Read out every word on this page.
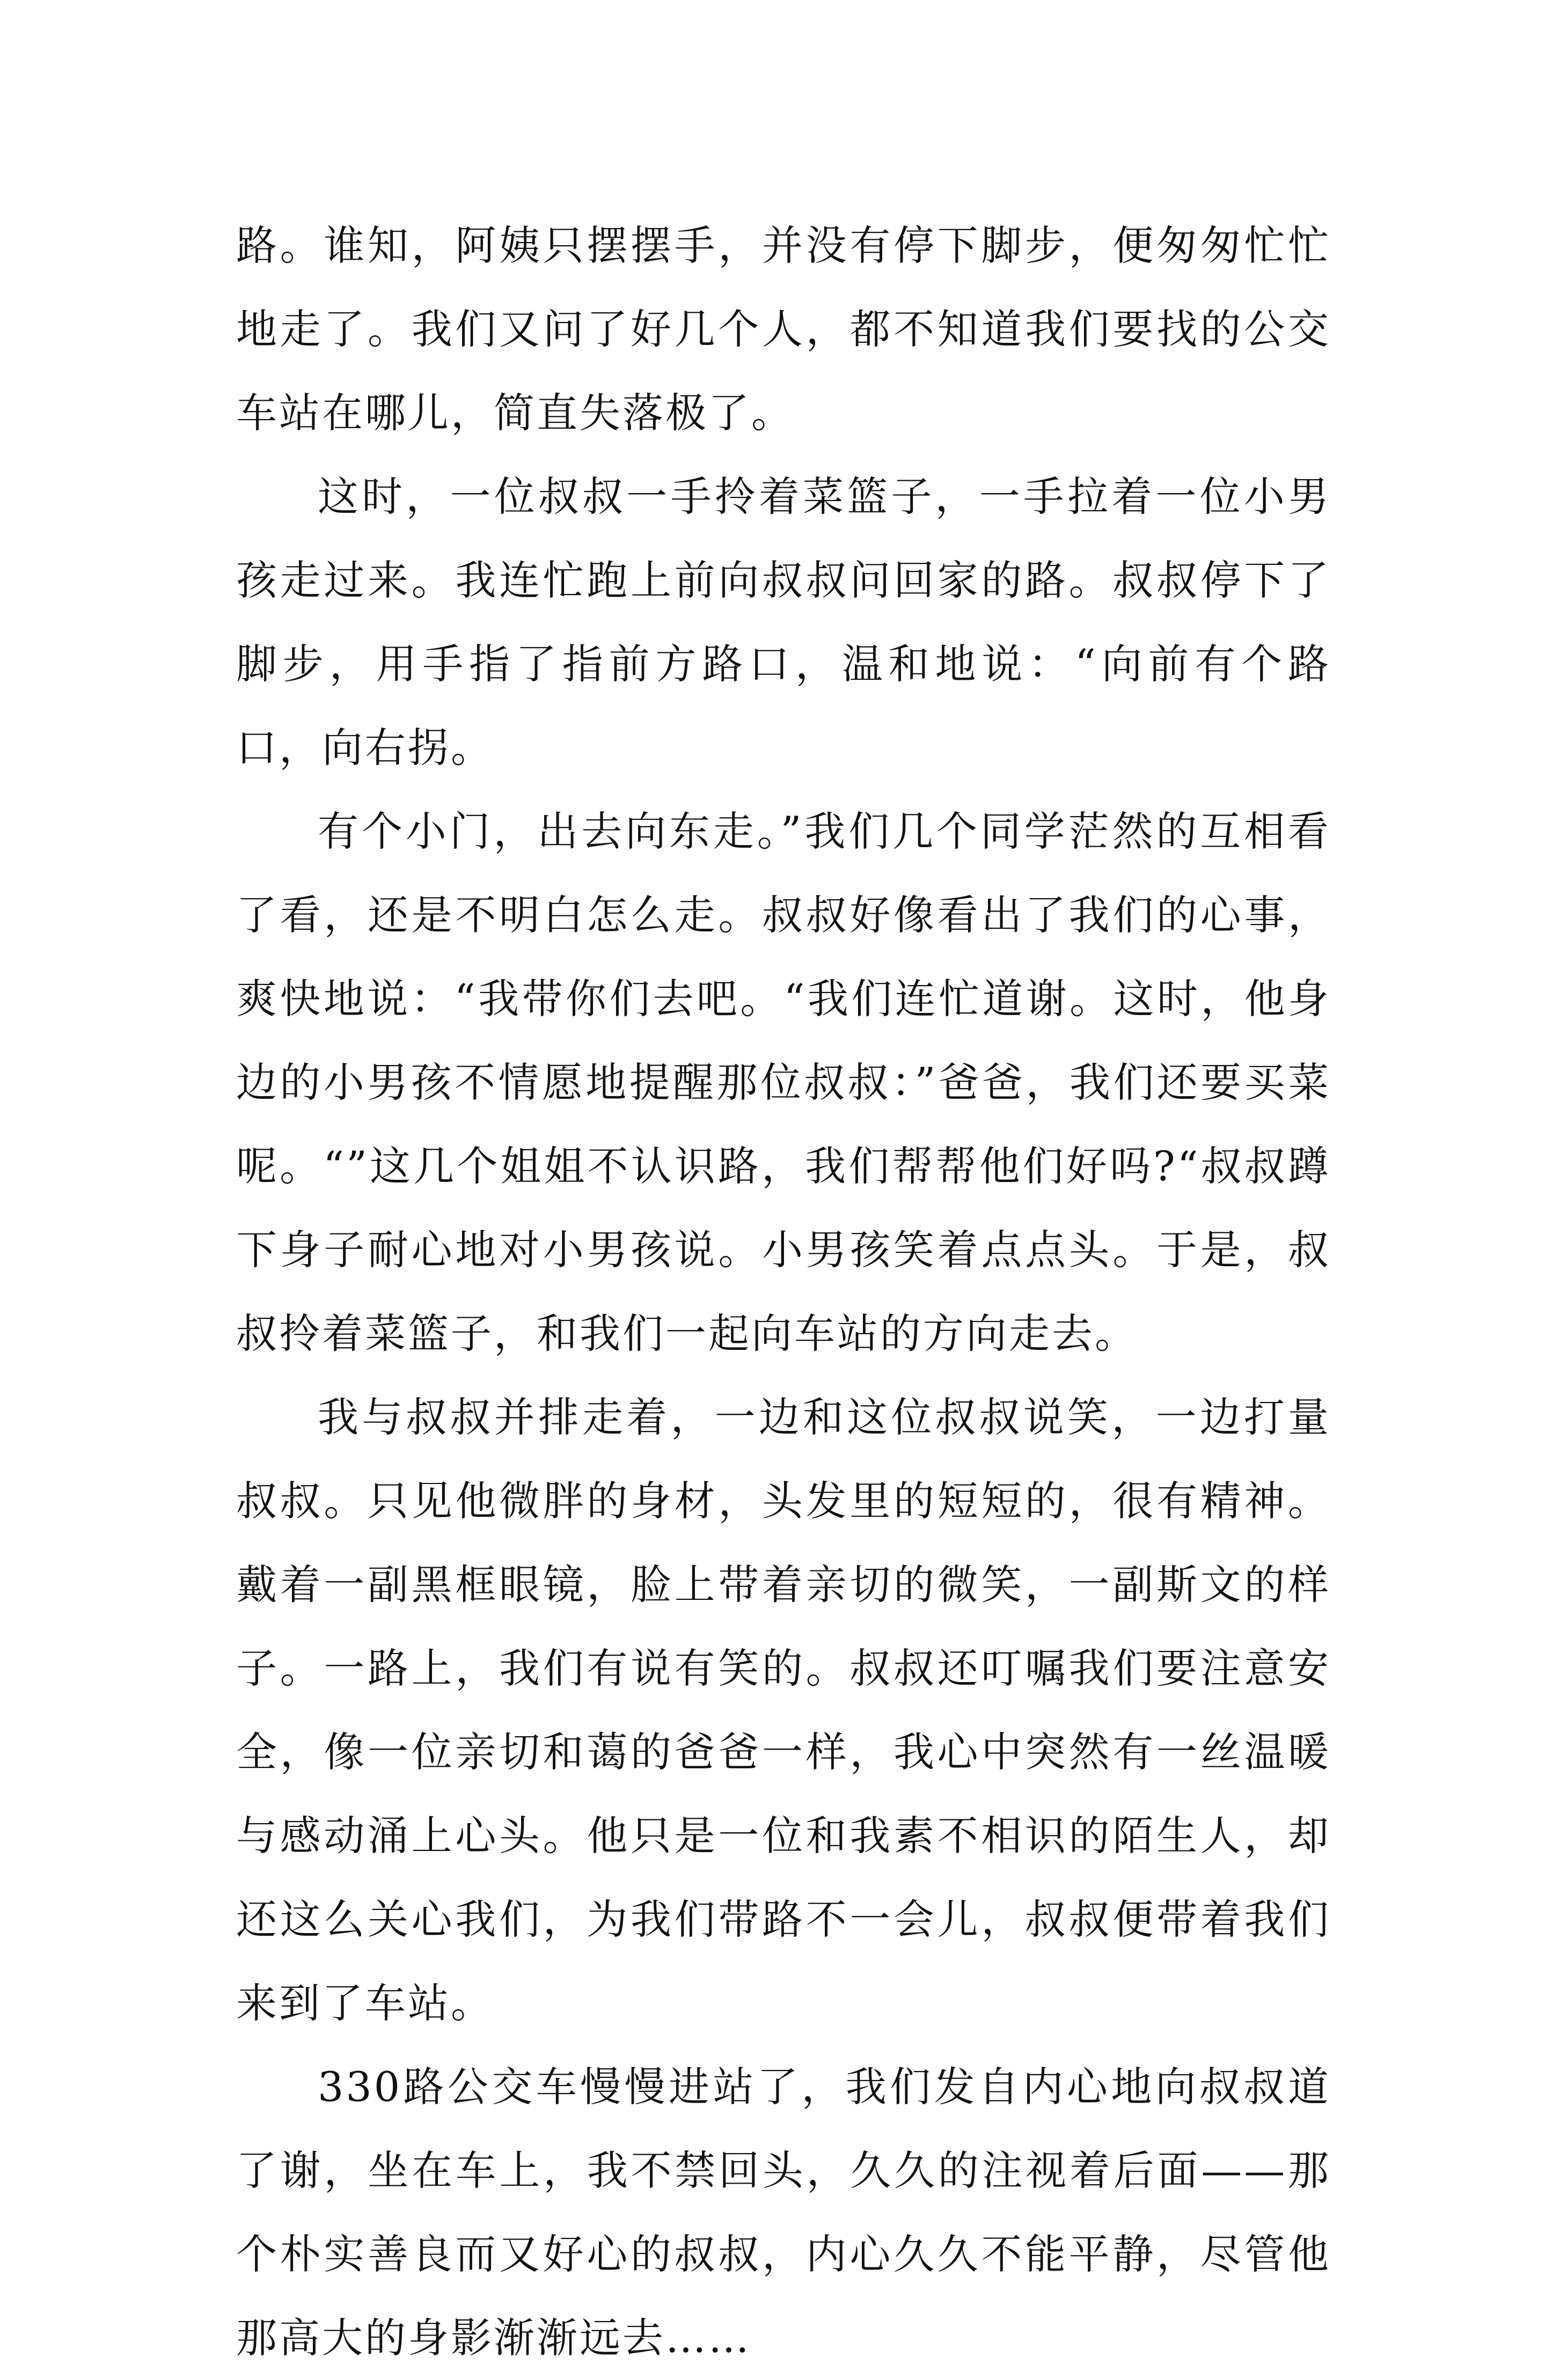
路。谁知，阿姨只摆摆手，并没有停下脚步，便匆匆忙忙地走了。我们又问了好几个人，都不知道我们要找的公交车站在哪儿，简直失落极了。

这时，一位叔叔一手拎着菜篮子，一手拉着一位小男孩走过来。我连忙跑上前向叔叔问回家的路。叔叔停下了脚步，用手指了指前方路口，温和地说：“向前有个路口，向右拐。

有个小门，出去向东走。”我们几个同学茫然的互相看了看，还是不明白怎么走。叔叔好像看出了我们的心事，爽快地说：“我带你们去吧。“我们连忙道谢。这时，他身边的小男孩不情愿地提醒那位叔叔：”爸爸，我们还要买菜呢。“”这几个姐姐不认识路，我们帮帮他们好吗?“叔叔蹲下身子耐心地对小男孩说。小男孩笑着点点头。于是，叔叔拎着菜篮子，和我们一起向车站的方向走去。

我与叔叔并排走着，一边和这位叔叔说笑，一边打量叔叔。只见他微胖的身材，头发里的短短的，很有精神。戴着一副黑框眼镜，脸上带着亲切的微笑，一副斯文的样子。一路上，我们有说有笑的。叔叔还叮嘱我们要注意安全，像一位亲切和蔼的爸爸一样，我心中突然有一丝温暖与感动涌上心头。他只是一位和我素不相识的陌生人，却还这么关心我们，为我们带路不一会儿，叔叔便带着我们来到了车站。

330路公交车慢慢进站了，我们发自内心地向叔叔道了谢，坐在车上，我不禁回头，久久的注视着后面——那个朴实善良而又好心的叔叔，内心久久不能平静，尽管他那高大的身影渐渐远去……
